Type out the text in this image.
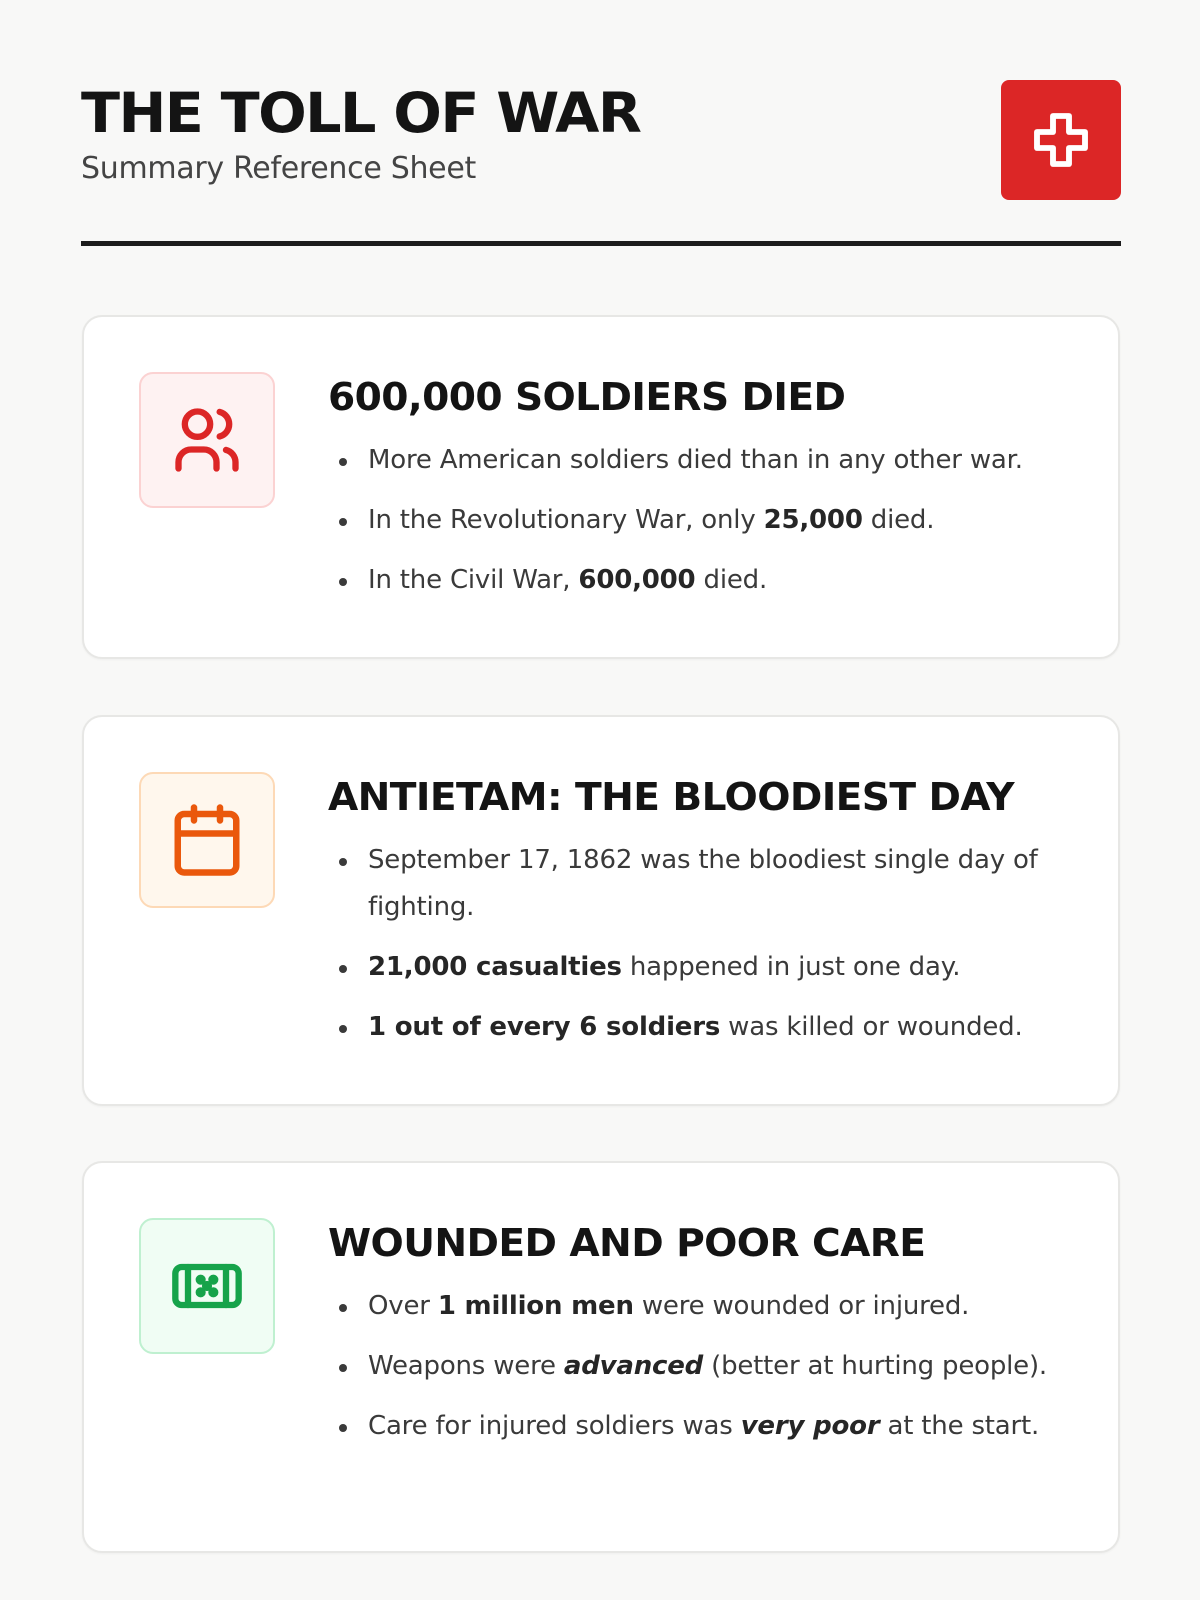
THE TOLL OF WAR
Summary Reference Sheet
600,000 SOLDIERS DIED
More American soldiers died than in any other war.
In the Revolutionary War, only 25,000 died.
In the Civil War, 600,000 died.
ANTIETAM: THE BLOODIEST DAY
September 17, 1862 was the bloodiest single day of fighting.
21,000 casualties happened in just one day.
1 out of every 6 soldiers was killed or wounded.
WOUNDED AND POOR CARE
Over 1 million men were wounded or injured.
Weapons were advanced (better at hurting people).
Care for injured soldiers was very poor at the start.
